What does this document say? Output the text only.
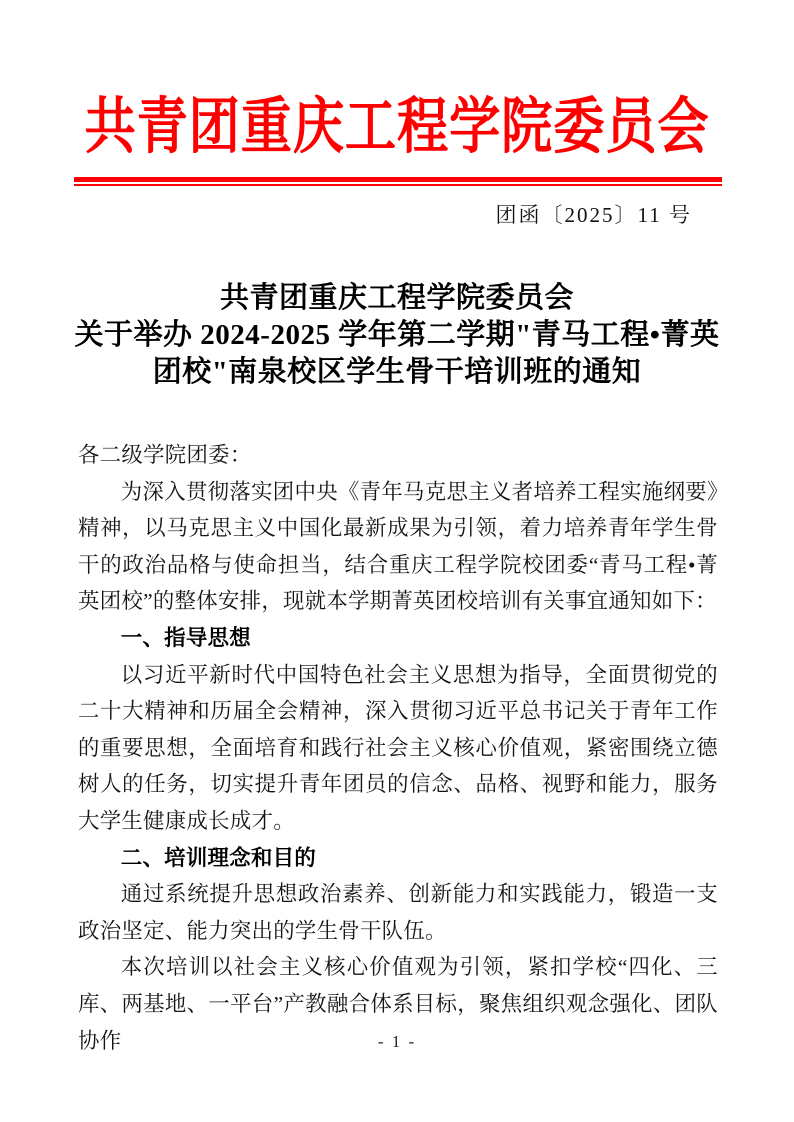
共青团重庆工程学院委员会
团函〔2025〕11 号
共青团重庆工程学院委员会
关于举办 2024-2025 学年第二学期"青马工程•菁英
团校"南泉校区学生骨干培训班的通知

各二级学院团委：

为深入贯彻落实团中央《青年马克思主义者培养工程实施纲要》精神，以马克思主义中国化最新成果为引领，着力培养青年学生骨干的政治品格与使命担当，结合重庆工程学院校团委“青马工程•菁英团校”的整体安排，现就本学期菁英团校培训有关事宜通知如下：

一、指导思想

以习近平新时代中国特色社会主义思想为指导，全面贯彻党的二十大精神和历届全会精神，深入贯彻习近平总书记关于青年工作的重要思想，全面培育和践行社会主义核心价值观，紧密围绕立德树人的任务，切实提升青年团员的信念、品格、视野和能力，服务大学生健康成长成才。

二、培训理念和目的

通过系统提升思想政治素养、创新能力和实践能力，锻造一支政治坚定、能力突出的学生骨干队伍。

本次培训以社会主义核心价值观为引领，紧扣学校“四化、三库、两基地、一平台”产教融合体系目标，聚焦组织观念强化、团队协作	- 1 -
